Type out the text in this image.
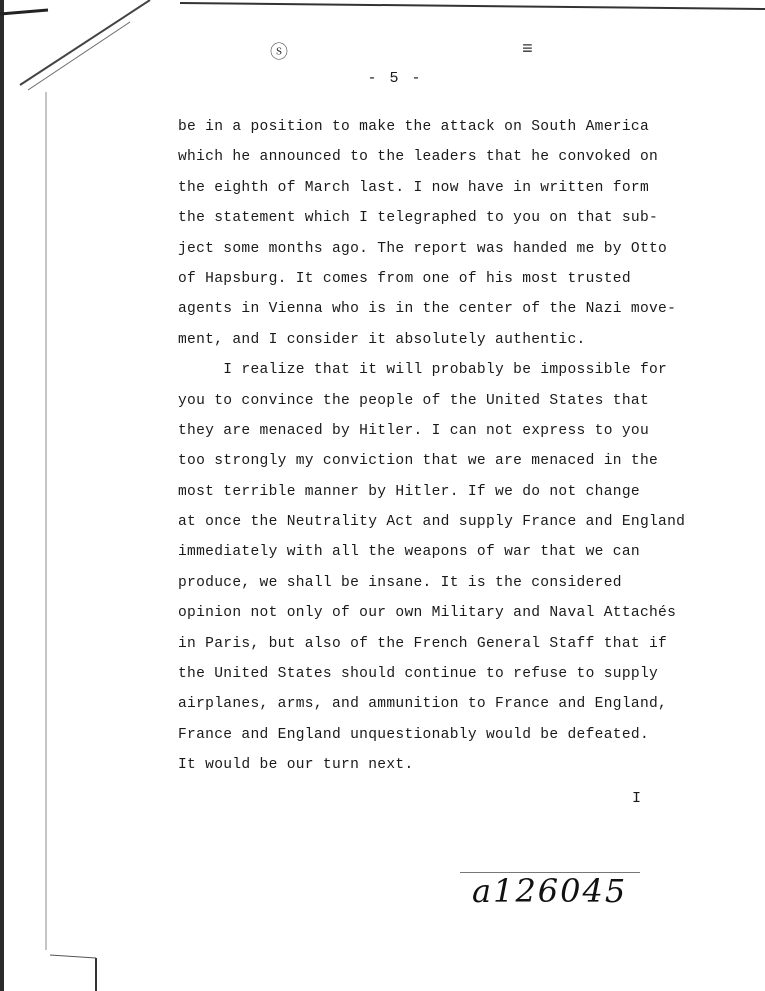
ⓢ	≡
- 5 -
be in a position to make the attack on South America
which he announced to the leaders that he convoked on
the eighth of March last. I now have in written form
the statement which I telegraphed to you on that sub-
ject some months ago. The report was handed me by Otto
of Hapsburg. It comes from one of his most trusted
agents in Vienna who is in the center of the Nazi move-
ment, and I consider it absolutely authentic.
I realize that it will probably be impossible for
you to convince the people of the United States that
they are menaced by Hitler. I can not express to you
too strongly my conviction that we are menaced in the
most terrible manner by Hitler. If we do not change
at once the Neutrality Act and supply France and England
immediately with all the weapons of war that we can
produce, we shall be insane. It is the considered
opinion not only of our own Military and Naval Attachés
in Paris, but also of the French General Staff that if
the United States should continue to refuse to supply
airplanes, arms, and ammunition to France and England,
France and England unquestionably would be defeated.
It would be our turn next.
I
a126045
